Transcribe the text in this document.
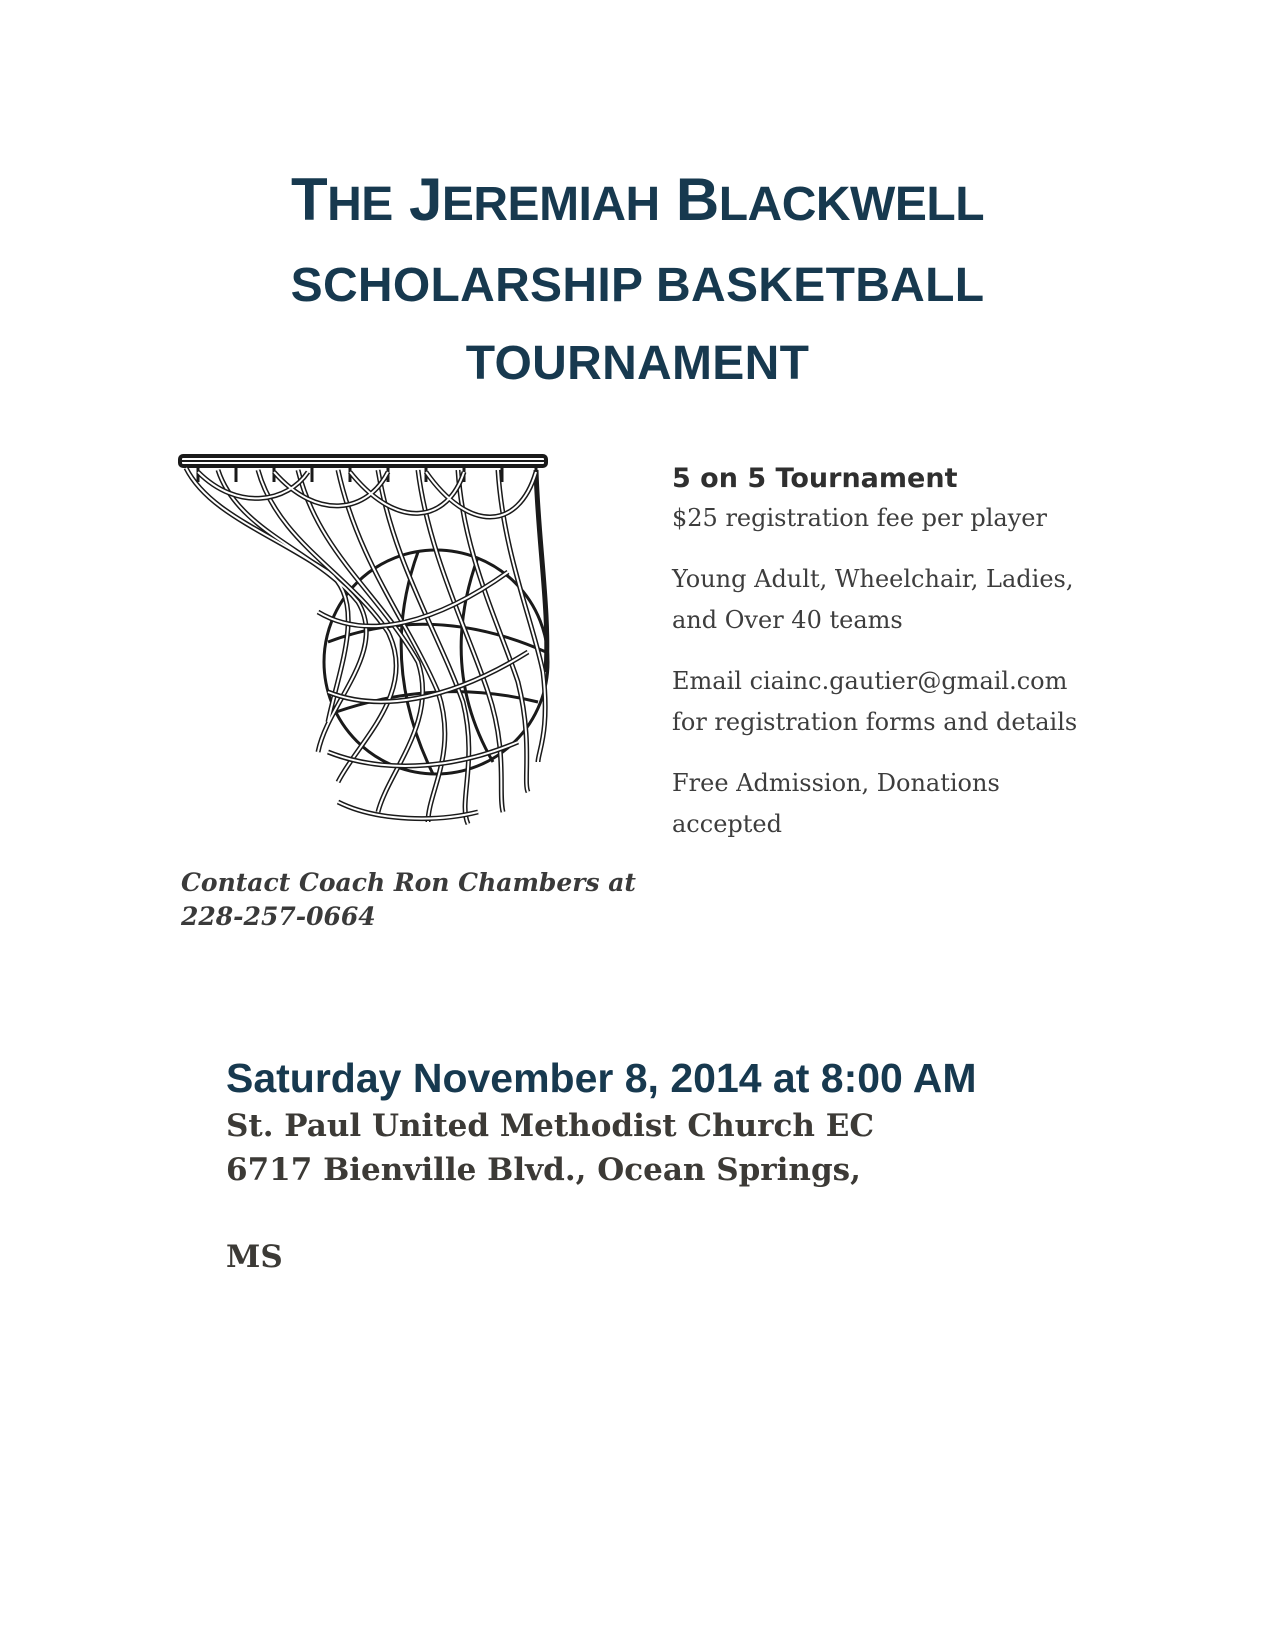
THE JEREMIAH BLACKWELL
SCHOLARSHIP BASKETBALL
TOURNAMENT
5 on 5 Tournament

$25 registration fee per player

Young Adult, Wheelchair, Ladies,

and Over 40 teams

Email ciainc.gautier@gmail.com

for registration forms and details

Free Admission, Donations

accepted

Contact Coach Ron Chambers at
228-257-0664
Saturday November 8, 2014 at 8:00 AM
St. Paul United Methodist Church EC
6717 Bienville Blvd., Ocean Springs,
MS
